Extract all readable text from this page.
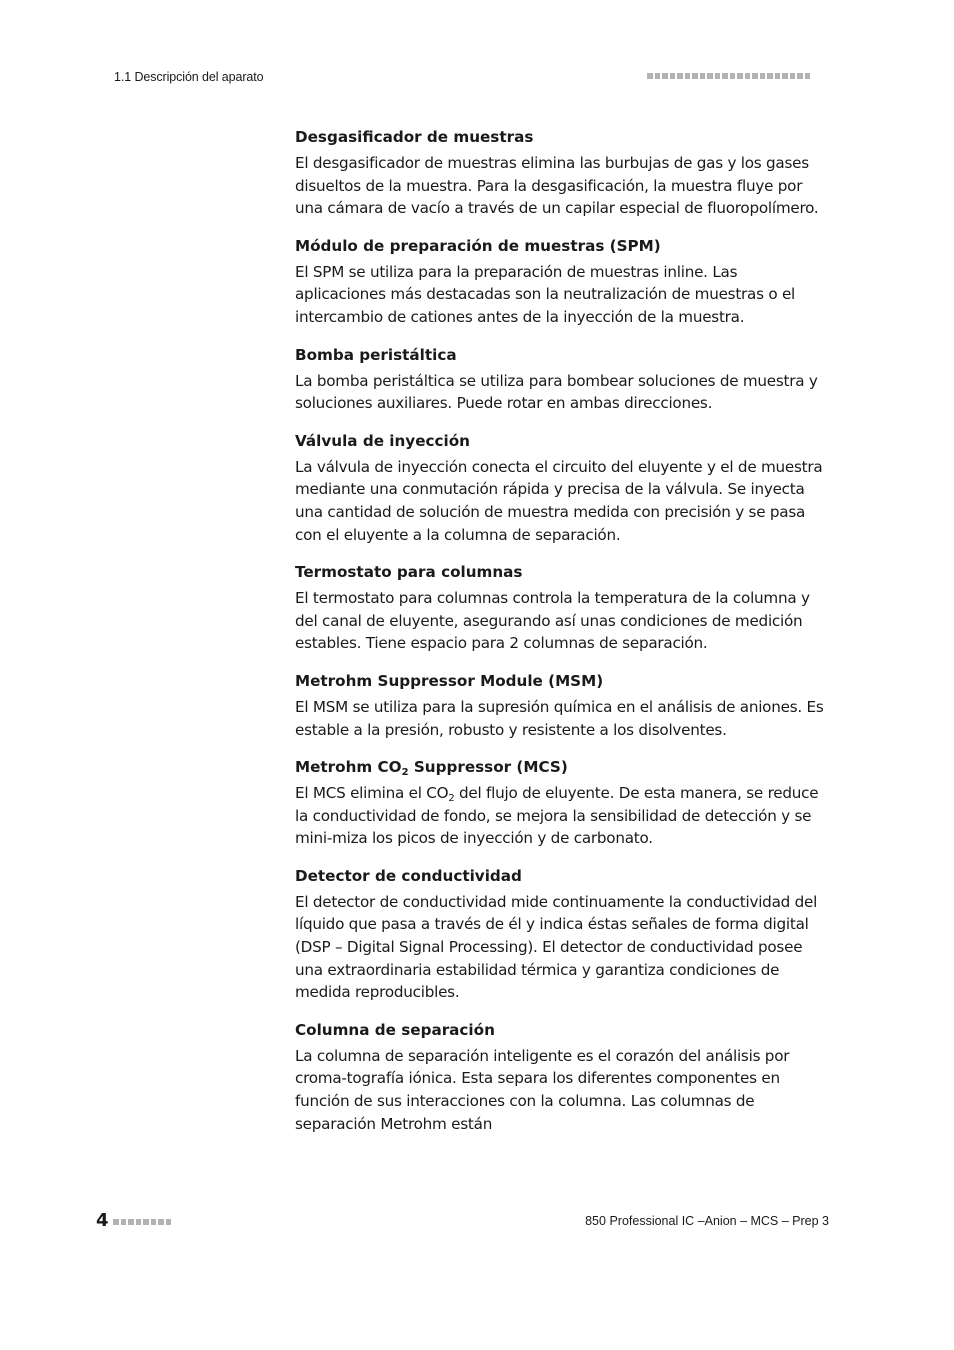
1.1 Descripción del aparato
Desgasificador de muestras

El desgasificador de muestras elimina las burbujas de gas y los gases disueltos de la muestra. Para la desgasificación, la muestra fluye por una cámara de vacío a través de un capilar especial de fluoropolímero.

Módulo de preparación de muestras (SPM)

El SPM se utiliza para la preparación de muestras inline. Las aplicaciones más destacadas son la neutralización de muestras o el intercambio de cationes antes de la inyección de la muestra.

Bomba peristáltica

La bomba peristáltica se utiliza para bombear soluciones de muestra y soluciones auxiliares. Puede rotar en ambas direcciones.

Válvula de inyección

La válvula de inyección conecta el circuito del eluyente y el de muestra mediante una conmutación rápida y precisa de la válvula. Se inyecta una cantidad de solución de muestra medida con precisión y se pasa con el eluyente a la columna de separación.

Termostato para columnas

El termostato para columnas controla la temperatura de la columna y del canal de eluyente, asegurando así unas condiciones de medición estables. Tiene espacio para 2 columnas de separación.

Metrohm Suppressor Module (MSM)

El MSM se utiliza para la supresión química en el análisis de aniones. Es estable a la presión, robusto y resistente a los disolventes.

Metrohm $CO_2$ Suppressor (MCS)

El MCS elimina el $CO_2$ del flujo de eluyente. De esta manera, se reduce la conductividad de fondo, se mejora la sensibilidad de detección y se mini-miza los picos de inyección y de carbonato.

Detector de conductividad

El detector de conductividad mide continuamente la conductividad del líquido que pasa a través de él y indica éstas señales de forma digital (DSP – Digital Signal Processing). El detector de conductividad posee una extraordinaria estabilidad térmica y garantiza condiciones de medida reproducibles.

Columna de separación

La columna de separación inteligente es el corazón del análisis por croma-tografía iónica. Esta separa los diferentes componentes en función de sus interacciones con la columna. Las columnas de separación Metrohm están

4	850 Professional IC –Anion – MCS – Prep 3
